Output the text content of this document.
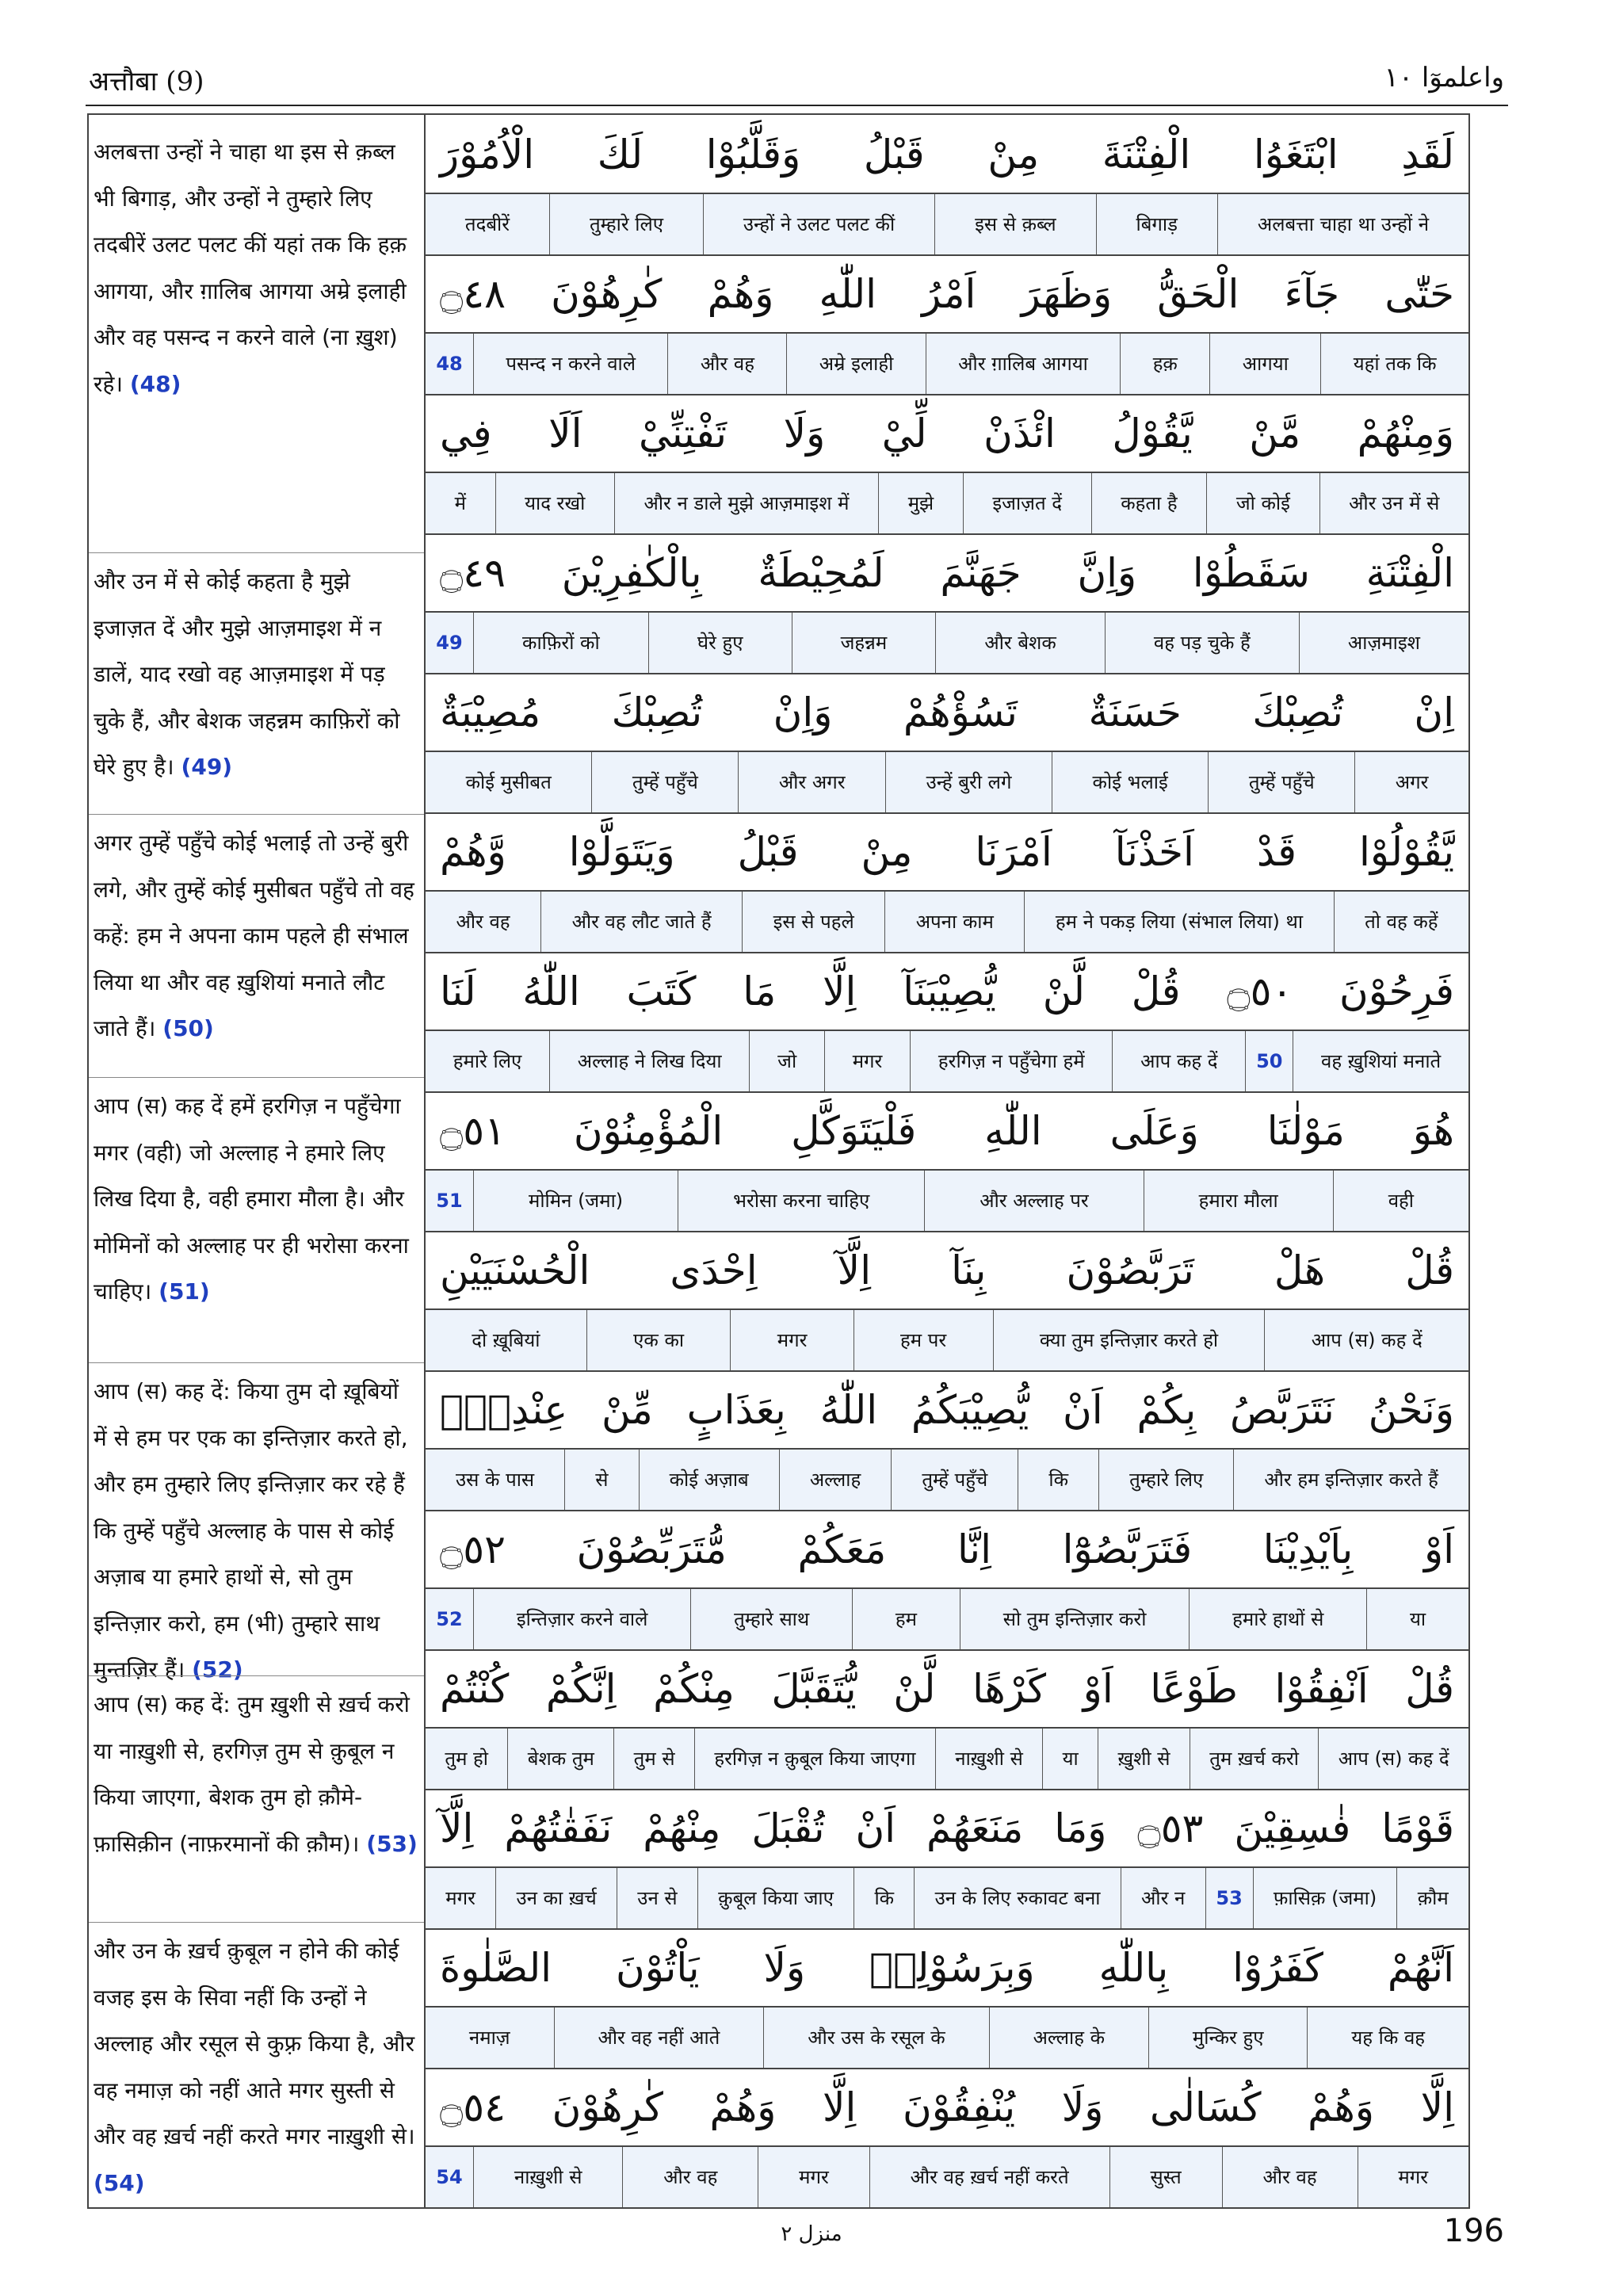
अत्तौबा (9)	واعلموٓا ۱۰
अलबत्ता उन्हों ने चाहा था इस से क़ब्ल भी बिगाड़, और उन्हों ने तुम्हारे लिए तदबीरें उलट पलट कीं यहां तक कि हक़ आगया, और ग़ालिब आगया अम्रे इलाही और वह पसन्द न करने वाले (ना ख़ुश) रहे। (48)
और उन में से कोई कहता है मुझे इजाज़त दें और मुझे आज़माइश में न डालें, याद रखो वह आज़माइश में पड़ चुके हैं, और बेशक जहन्नम काफ़िरों को घेरे हुए है। (49)
अगर तुम्हें पहुँचे कोई भलाई तो उन्हें बुरी लगे, और तुम्हें कोई मुसीबत पहुँचे तो वह कहें: हम ने अपना काम पहले ही संभाल लिया था और वह ख़ुशियां मनाते लौट जाते हैं। (50)
आप (स) कह दें हमें हरगिज़ न पहुँचेगा मगर (वही) जो अल्लाह ने हमारे लिए लिख दिया है, वही हमारा मौला है। और मोमिनों को अल्लाह पर ही भरोसा करना चाहिए। (51)
आप (स) कह दें: किया तुम दो ख़ूबियों में से हम पर एक का इन्तिज़ार करते हो, और हम तुम्हारे लिए इन्तिज़ार कर रहे हैं कि तुम्हें पहुँचे अल्लाह के पास से कोई अज़ाब या हमारे हाथों से, सो तुम इन्तिज़ार करो, हम (भी) तुम्हारे साथ मुन्तज़िर हैं। (52)
आप (स) कह दें: तुम ख़ुशी से ख़र्च करो या नाख़ुशी से, हरगिज़ तुम से क़ुबूल न किया जाएगा, बेशक तुम हो क़ौमे-फ़ासिक़ीन (नाफ़रमानों की क़ौम)। (53)
और उन के ख़र्च क़ुबूल न होने की कोई वजह इस के सिवा नहीं कि उन्हों ने अल्लाह और रसूल से कुफ़्र किया है, और वह नमाज़ को नहीं आते मगर सुस्ती से और वह ख़र्च नहीं करते मगर नाख़ुशी से। (54)
لَقَدِ ابْتَغَوُا الْفِتْنَةَ مِنْ قَبْلُ وَقَلَّبُوْا لَكَ الْاُمُوْرَ
अलबत्ता चाहा था उन्हों ने
बिगाड़
इस से क़ब्ल
उन्हों ने उलट पलट कीं
तुम्हारे लिए
तदबीरें
حَتّٰى جَآءَ الْحَقُّ وَظَهَرَ اَمْرُ اللّٰهِ وَهُمْ كٰرِهُوْنَ ۝٤٨
यहां तक कि
आगया
हक़
और ग़ालिब आगया
अम्रे इलाही
और वह
पसन्द न करने वाले
48
وَمِنْهُمْ مَّنْ يَّقُوْلُ ائْذَنْ لِّيْ وَلَا تَفْتِنِّيْ اَلَا فِي
और उन में से
जो कोई
कहता है
इजाज़त दें
मुझे
और न डाले मुझे आज़माइश में
याद रखो
में
الْفِتْنَةِ سَقَطُوْا وَاِنَّ جَهَنَّمَ لَمُحِيْطَةٌ بِالْكٰفِرِيْنَ ۝٤٩
आज़माइश
वह पड़ चुके हैं
और बेशक
जहन्नम
घेरे हुए
काफ़िरों को
49
اِنْ تُصِبْكَ حَسَنَةٌ تَسُؤْهُمْ وَاِنْ تُصِبْكَ مُصِيْبَةٌ
अगर
तुम्हें पहुँचे
कोई भलाई
उन्हें बुरी लगे
और अगर
तुम्हें पहुँचे
कोई मुसीबत
يَّقُوْلُوْا قَدْ اَخَذْنَآ اَمْرَنَا مِنْ قَبْلُ وَيَتَوَلَّوْا وَّهُمْ
तो वह कहें
हम ने पकड़ लिया (संभाल लिया) था
अपना काम
इस से पहले
और वह लौट जाते हैं
और वह
فَرِحُوْنَ ۝٥٠ قُلْ لَّنْ يُّصِيْبَنَآ اِلَّا مَا كَتَبَ اللّٰهُ لَنَا
वह ख़ुशियां मनाते
50
आप कह दें
हरगिज़ न पहुँचेगा हमें
मगर
जो
अल्लाह ने लिख दिया
हमारे लिए
هُوَ مَوْلٰنَا وَعَلَى اللّٰهِ فَلْيَتَوَكَّلِ الْمُؤْمِنُوْنَ ۝٥١
वही
हमारा मौला
और अल्लाह पर
भरोसा करना चाहिए
मोमिन (जमा)
51
قُلْ هَلْ تَرَبَّصُوْنَ بِنَآ اِلَّآ اِحْدَى الْحُسْنَيَيْنِ
आप (स) कह दें
क्या तुम इन्तिज़ार करते हो
हम पर
मगर
एक का
दो ख़ूबियां
وَنَحْنُ نَتَرَبَّصُ بِكُمْ اَنْ يُّصِيْبَكُمُ اللّٰهُ بِعَذَابٍ مِّنْ عِنْدِهٖٓ
और हम इन्तिज़ार करते हैं
तुम्हारे लिए
कि
तुम्हें पहुँचे
अल्लाह
कोई अज़ाब
से
उस के पास
اَوْ بِاَيْدِيْنَا فَتَرَبَّصُوْٓا اِنَّا مَعَكُمْ مُّتَرَبِّصُوْنَ ۝٥٢
या
हमारे हाथों से
सो तुम इन्तिज़ार करो
हम
तुम्हारे साथ
इन्तिज़ार करने वाले
52
قُلْ اَنْفِقُوْا طَوْعًا اَوْ كَرْهًا لَّنْ يُّتَقَبَّلَ مِنْكُمْ اِنَّكُمْ كُنْتُمْ
आप (स) कह दें
तुम ख़र्च करो
ख़ुशी से
या
नाख़ुशी से
हरगिज़ न क़ुबूल किया जाएगा
तुम से
बेशक तुम
तुम हो
قَوْمًا فٰسِقِيْنَ ۝٥٣ وَمَا مَنَعَهُمْ اَنْ تُقْبَلَ مِنْهُمْ نَفَقٰتُهُمْ اِلَّآ
क़ौम
फ़ासिक़ (जमा)
53
और न
उन के लिए रुकावट बना
कि
क़ुबूल किया जाए
उन से
उन का ख़र्च
मगर
اَنَّهُمْ كَفَرُوْا بِاللّٰهِ وَبِرَسُوْلِهٖ وَلَا يَاْتُوْنَ الصَّلٰوةَ
यह कि वह
मुन्किर हुए
अल्लाह के
और उस के रसूल के
और वह नहीं आते
नमाज़
اِلَّا وَهُمْ كُسَالٰى وَلَا يُنْفِقُوْنَ اِلَّا وَهُمْ كٰرِهُوْنَ ۝٥٤
मगर
और वह
सुस्त
और वह ख़र्च नहीं करते
मगर
और वह
नाख़ुशी से
54
منزل ۲	196
